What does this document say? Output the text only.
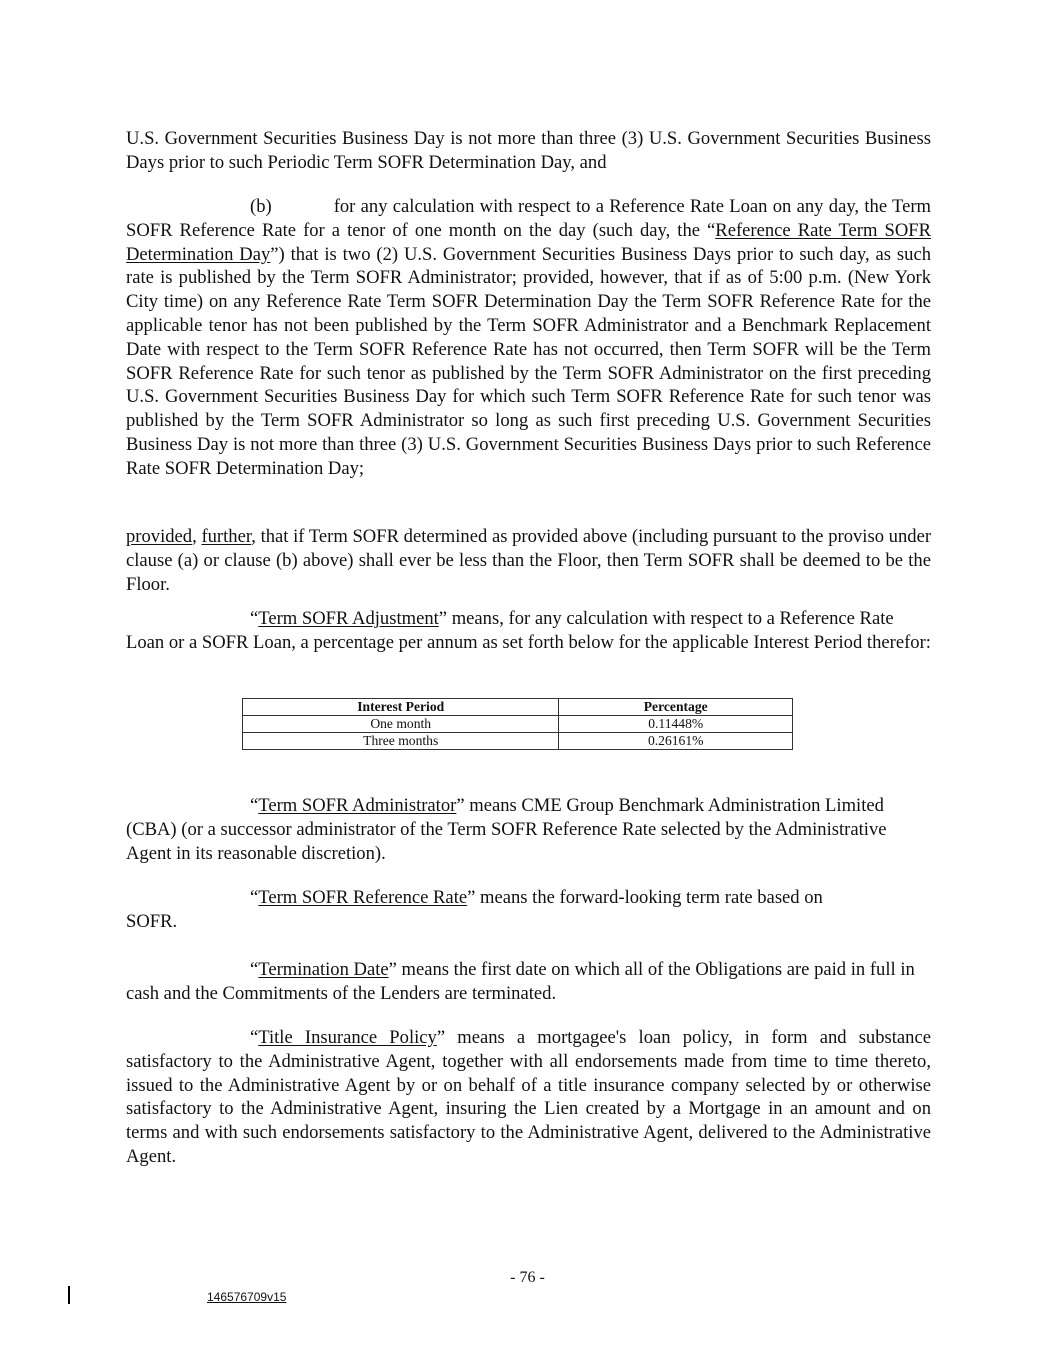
U.S. Government Securities Business Day is not more than three (3) U.S. Government Securities Business Days prior to such Periodic Term SOFR Determination Day, and

(b)	for any calculation with respect to a Reference Rate Loan on any day, the Term SOFR Reference Rate for a tenor of one month on the day (such day, the “Reference Rate Term SOFR Determination Day”) that is two (2) U.S. Government Securities Business Days prior to such day, as such rate is published by the Term SOFR Administrator; provided, however, that if as of 5:00 p.m. (New York City time) on any Reference Rate Term SOFR Determination Day the Term SOFR Reference Rate for the applicable tenor has not been published by the Term SOFR Administrator and a Benchmark Replacement Date with respect to the Term SOFR Reference Rate has not occurred, then Term SOFR will be the Term SOFR Reference Rate for such tenor as published by the Term SOFR Administrator on the first preceding U.S. Government Securities Business Day for which such Term SOFR Reference Rate for such tenor was published by the Term SOFR Administrator so long as such first preceding U.S. Government Securities Business Day is not more than three (3) U.S. Government Securities Business Days prior to such Reference Rate SOFR Determination Day;

provided, further, that if Term SOFR determined as provided above (including pursuant to the proviso under clause (a) or clause (b) above) shall ever be less than the Floor, then Term SOFR shall be deemed to be the Floor.

“Term SOFR Adjustment” means, for any calculation with respect to a Reference Rate Loan or a SOFR Loan, a percentage per annum as set forth below for the applicable Interest Period therefor:

Interest Period	Percentage
One month	0.11448%
Three months	0.26161%

“Term SOFR Administrator” means CME Group Benchmark Administration Limited (CBA) (or a successor administrator of the Term SOFR Reference Rate selected by the Administrative Agent in its reasonable discretion).

“Term SOFR Reference Rate” means the forward-looking term rate based on
SOFR.

“Termination Date” means the first date on which all of the Obligations are paid in full in cash and the Commitments of the Lenders are terminated.

“Title Insurance Policy” means a mortgagee's loan policy, in form and substance satisfactory to the Administrative Agent, together with all endorsements made from time to time thereto, issued to the Administrative Agent by or on behalf of a title insurance company selected by or otherwise satisfactory to the Administrative Agent, insuring the Lien created by a Mortgage in an amount and on terms and with such endorsements satisfactory to the Administrative Agent, delivered to the Administrative Agent.

- 76 -
146576709v15
